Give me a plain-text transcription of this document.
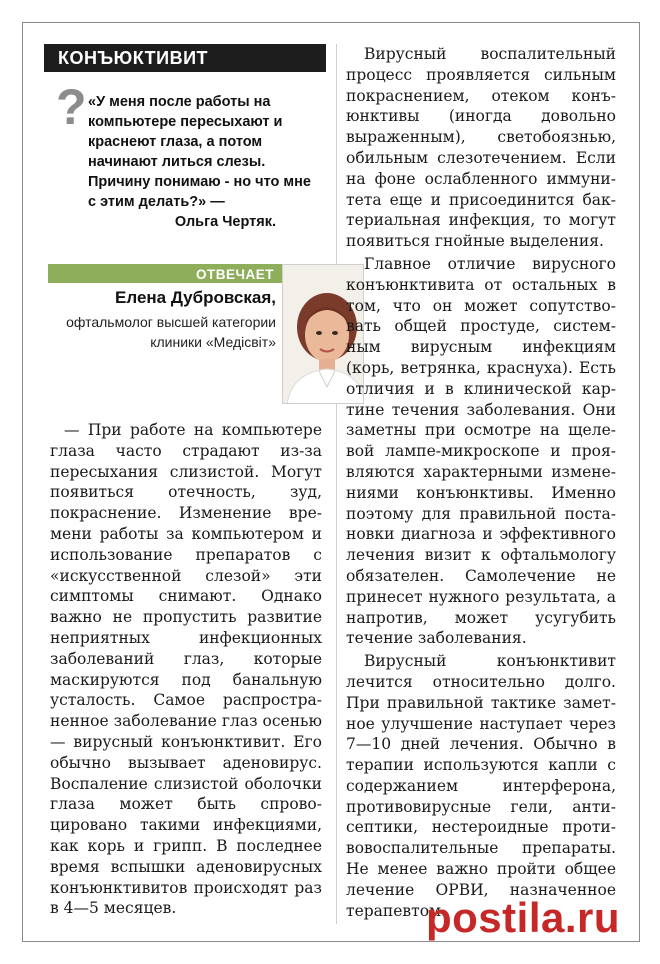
КОНЪЮКТИВИТ
? «У меня после работы на компьютере пересыхают и краснеют глаза, а потом начинают литься слезы. Причину понимаю - но что мне с этим делать?» —
Ольга Чертяк.
ОТВЕЧАЕТ
Елена Дубровская,
офтальмолог высшей категории клиники «Медісвіт»

— При работе на компьютере глаза часто страдают из-за пересыхания слизистой. Могут появиться отечность, зуд, покраснение. Изменение времени работы за компьютером и использование препаратов с «искусственной слезой» эти симптомы снимают. Однако важно не пропустить развитие неприятных инфекционных заболеваний глаз, которые маскируются под банальную усталость. Самое распространенное заболевание глаз осенью — вирусный конъюнктивит. Его обычно вызывает аденовирус. Воспаление слизистой оболочки глаза может быть спровоцировано такими инфекциями, как корь и грипп. В последнее время вспышки аденовирусных конъюнктивитов происходят раз в 4—5 месяцев.

Вирусный воспалительный процесс проявляется сильным покраснением, отеком конъюнктивы (иногда довольно выраженным), светобоязнью, обильным слезотечением. Если на фоне ослабленного иммунитета еще и присоединится бактериальная инфекция, то могут появиться гнойные выделения.

Главное отличие вирусного конъюнктивита от остальных в том, что он может сопутствовать общей простуде, системным вирусным инфекциям (корь, ветрянка, краснуха). Есть отличия и в клинической картине течения заболевания. Они заметны при осмотре на щелевой лампе-микроскопе и проявляются характерными изменениями конъюнктивы. Именно поэтому для правильной постановки диагноза и эффективного лечения визит к офтальмологу обязателен. Самолечение не принесет нужного результата, а напротив, может усугубить течение заболевания.

Вирусный конъюнктивит лечится относительно долго. При правильной тактике заметное улучшение наступает через 7—10 дней лечения. Обычно в терапии используются капли с содержанием интерферона, противовирусные гели, антисептики, нестероидные противовоспалительные препараты. Не менее важно пройти общее лечение ОРВИ, назначенное терапевтом.

postila.ru
